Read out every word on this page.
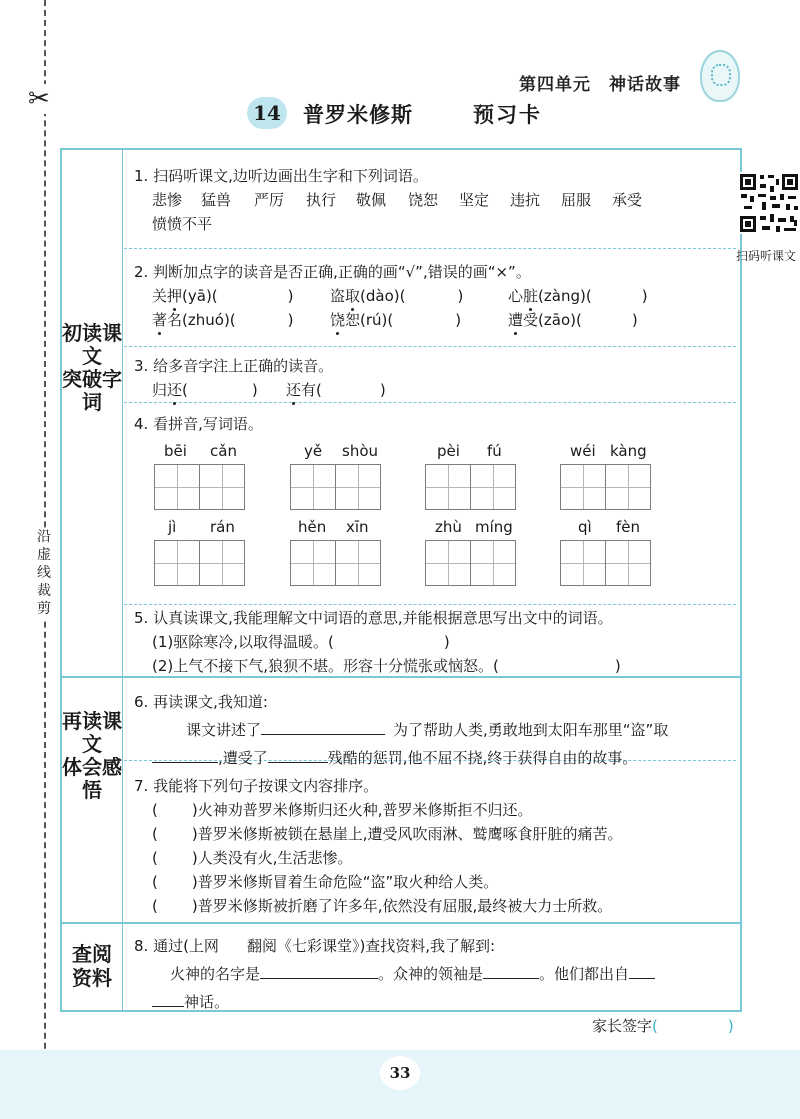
✂
沿虚线裁剪
第四单元 神话故事
14 普罗米修斯	预习卡
初读课文
突破字词
再读课文
体会感悟
查阅
资料
1. 扫码听课文,边听边画出生字和下列词语。
悲惨 猛兽 严厉 执行 敬佩 饶恕 坚定 违抗 屈服 承受
愤愤不平
扫码听课文
2. 判断加点字的读音是否正确,正确的画“√”,错误的画“×”。
关押(yā)(	) 盗取(dào)(	)	心脏(zàng)(	)
著名(zhuó)(	) 饶恕(rú)(	)	遭受(zāo)(	)
3. 给多音字注上正确的读音。
归还(	) 还有(	)
4. 看拼音,写词语。
bēi cǎn	yě shòu	pèi fú	wéi kàng
jì rán	hěn xīn	zhù míng	qì fèn
5. 认真读课文,我能理解文中词语的意思,并能根据意思写出文中的词语。
(1)驱除寒冷,以取得温暖。(	)
(2)上气不接下气,狼狈不堪。形容十分慌张或恼怒。(	)
6. 再读课文,我知道:
课文讲述了	为了帮助人类,勇敢地到太阳车那里“盗”取
,遭受了	残酷的惩罚,他不屈不挠,终于获得自由的故事。
7. 我能将下列句子按课文内容排序。
( )火神劝普罗米修斯归还火种,普罗米修斯拒不归还。
( )普罗米修斯被锁在悬崖上,遭受风吹雨淋、鹫鹰啄食肝脏的痛苦。
( )人类没有火,生活悲惨。
( )普罗米修斯冒着生命危险“盗”取火种给人类。
( )普罗米修斯被折磨了许多年,依然没有屈服,最终被大力士所救。
8. 通过(上网 翻阅《七彩课堂》)查找资料,我了解到:
火神的名字是	。众神的领袖是	。他们都出自
神话。
家长签字(	)
33
